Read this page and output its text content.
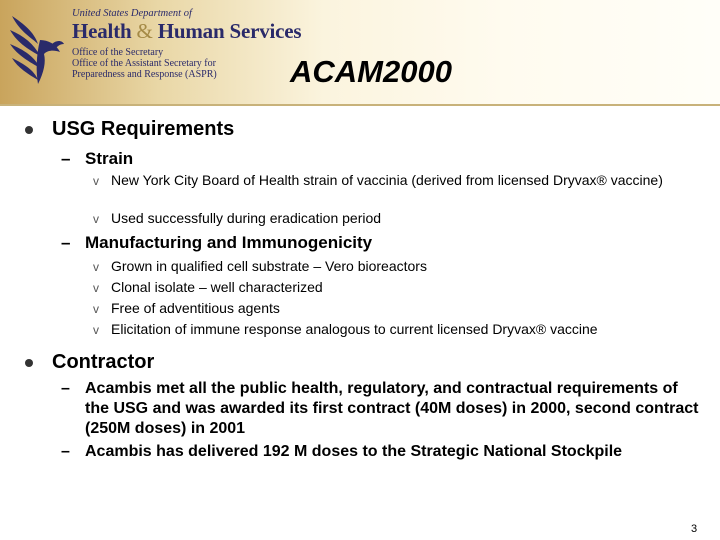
United States Department of
Health & Human Services
Office of the Secretary
Office of the Assistant Secretary for
Preparedness and Response (ASPR)	ACAM2000
USG Requirements
– Strain
v New York City Board of Health strain of vaccinia (derived from licensed Dryvax® vaccine)
v Used successfully during eradication period
– Manufacturing and Immunogenicity
v Grown in qualified cell substrate – Vero bioreactors
v Clonal isolate – well characterized
v Free of adventitious agents
v Elicitation of immune response analogous to current licensed Dryvax® vaccine
Contractor
– Acambis met all the public health, regulatory, and contractual requirements of the USG and was awarded its first contract (40M doses) in 2000, second contract (250M doses) in 2001
– Acambis has delivered 192 M doses to the Strategic National Stockpile
3
